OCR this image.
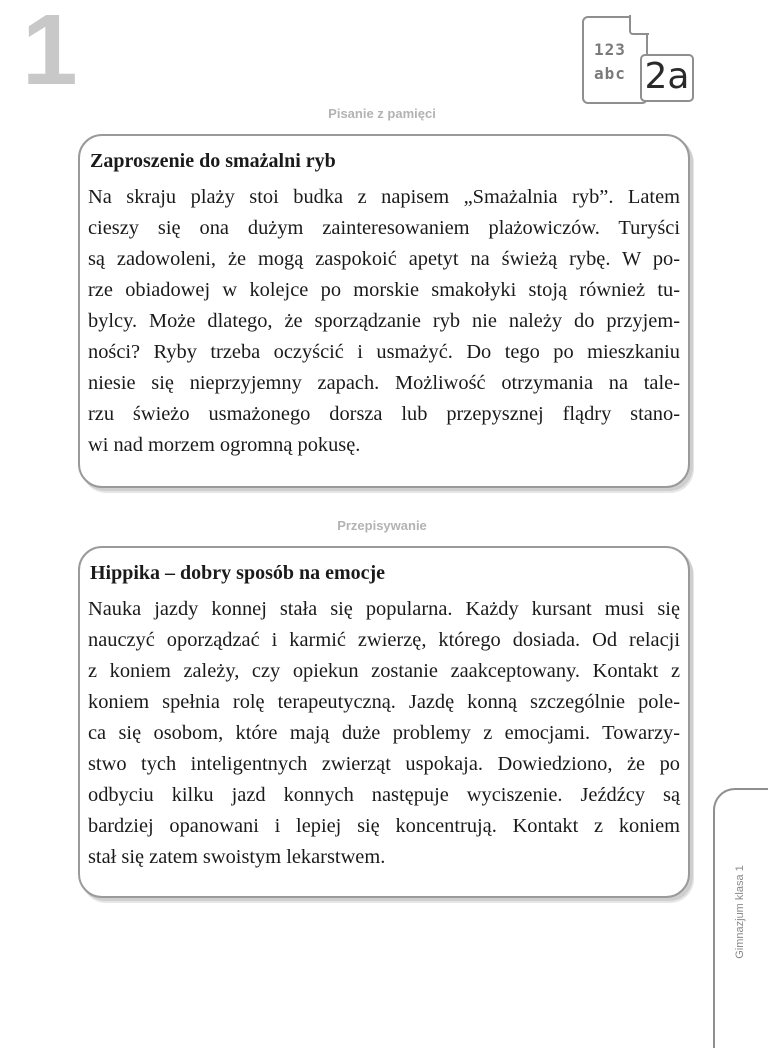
1	123
abc 2a
Pisanie z pamięci
Zaproszenie do smażalni ryb

Na skraju plaży stoi budka z napisem „Smażalnia ryb”. Latem

cieszy się ona dużym zainteresowaniem plażowiczów. Turyści

są zadowoleni, że mogą zaspokoić apetyt na świeżą rybę. W po-

rze obiadowej w kolejce po morskie smakołyki stoją również tu-

bylcy. Może dlatego, że sporządzanie ryb nie należy do przyjem-

ności? Ryby trzeba oczyścić i usmażyć. Do tego po mieszkaniu

niesie się nieprzyjemny zapach. Możliwość otrzymania na tale-

rzu świeżo usmażonego dorsza lub przepysznej flądry stano-

wi nad morzem ogromną pokusę.

Przepisywanie
Hippika – dobry sposób na emocje

Nauka jazdy konnej stała się popularna. Każdy kursant musi się

nauczyć oporządzać i karmić zwierzę, którego dosiada. Od relacji

z koniem zależy, czy opiekun zostanie zaakceptowany. Kontakt z

koniem spełnia rolę terapeutyczną. Jazdę konną szczególnie pole-

ca się osobom, które mają duże problemy z emocjami. Towarzy-

stwo tych inteligentnych zwierząt uspokaja. Dowiedziono, że po

odbyciu kilku jazd konnych następuje wyciszenie. Jeźdźcy są

bardziej opanowani i lepiej się koncentrują. Kontakt z koniem

stał się zatem swoistym lekarstwem.

Gimnazjum klasa 1
